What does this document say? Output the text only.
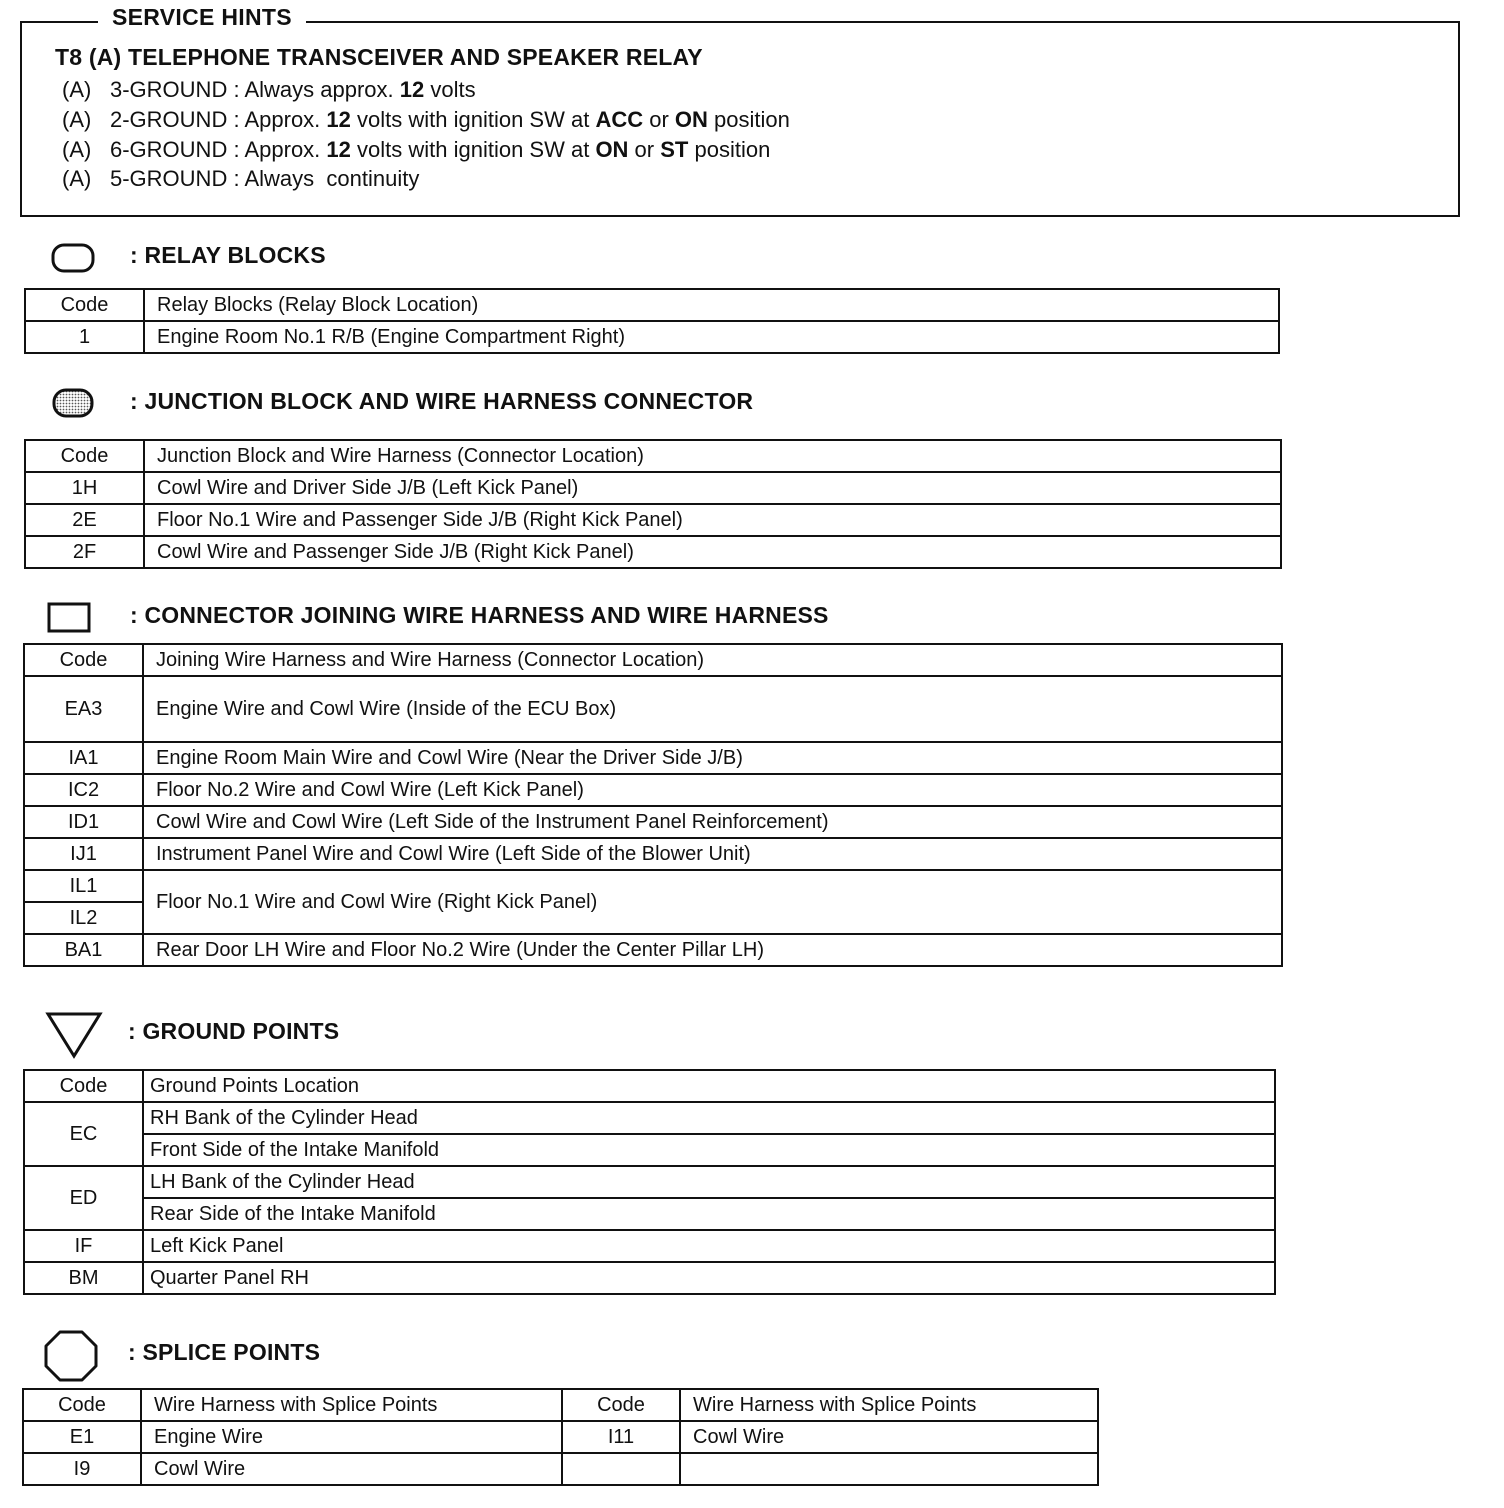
SERVICE HINTS
T8 (A) TELEPHONE TRANSCEIVER AND SPEAKER RELAY
(A) 3-GROUND : Always approx. 12 volts
(A) 2-GROUND : Approx. 12 volts with ignition SW at ACC or ON position
(A) 6-GROUND : Approx. 12 volts with ignition SW at ON or ST position
(A) 5-GROUND : Always  continuity
: RELAY BLOCKS
Code	Relay Blocks (Relay Block Location)
1	Engine Room No.1 R/B (Engine Compartment Right)
: JUNCTION BLOCK AND WIRE HARNESS CONNECTOR
Code	Junction Block and Wire Harness (Connector Location)
1H	Cowl Wire and Driver Side J/B (Left Kick Panel)
2E	Floor No.1 Wire and Passenger Side J/B (Right Kick Panel)
2F	Cowl Wire and Passenger Side J/B (Right Kick Panel)
: CONNECTOR JOINING WIRE HARNESS AND WIRE HARNESS
Code	Joining Wire Harness and Wire Harness (Connector Location)
EA3	Engine Wire and Cowl Wire (Inside of the ECU Box)
IA1	Engine Room Main Wire and Cowl Wire (Near the Driver Side J/B)
IC2	Floor No.2 Wire and Cowl Wire (Left Kick Panel)
ID1	Cowl Wire and Cowl Wire (Left Side of the Instrument Panel Reinforcement)
IJ1	Instrument Panel Wire and Cowl Wire (Left Side of the Blower Unit)
IL1	Floor No.1 Wire and Cowl Wire (Right Kick Panel)
IL2	
BA1	Rear Door LH Wire and Floor No.2 Wire (Under the Center Pillar LH)
: GROUND POINTS
Code	Ground Points Location
EC	RH Bank of the Cylinder Head
	Front Side of the Intake Manifold
ED	LH Bank of the Cylinder Head
	Rear Side of the Intake Manifold
IF	Left Kick Panel
BM	Quarter Panel RH
: SPLICE POINTS
Code	Wire Harness with Splice Points	Code	Wire Harness with Splice Points
E1	Engine Wire	I11	Cowl Wire
I9	Cowl Wire		
